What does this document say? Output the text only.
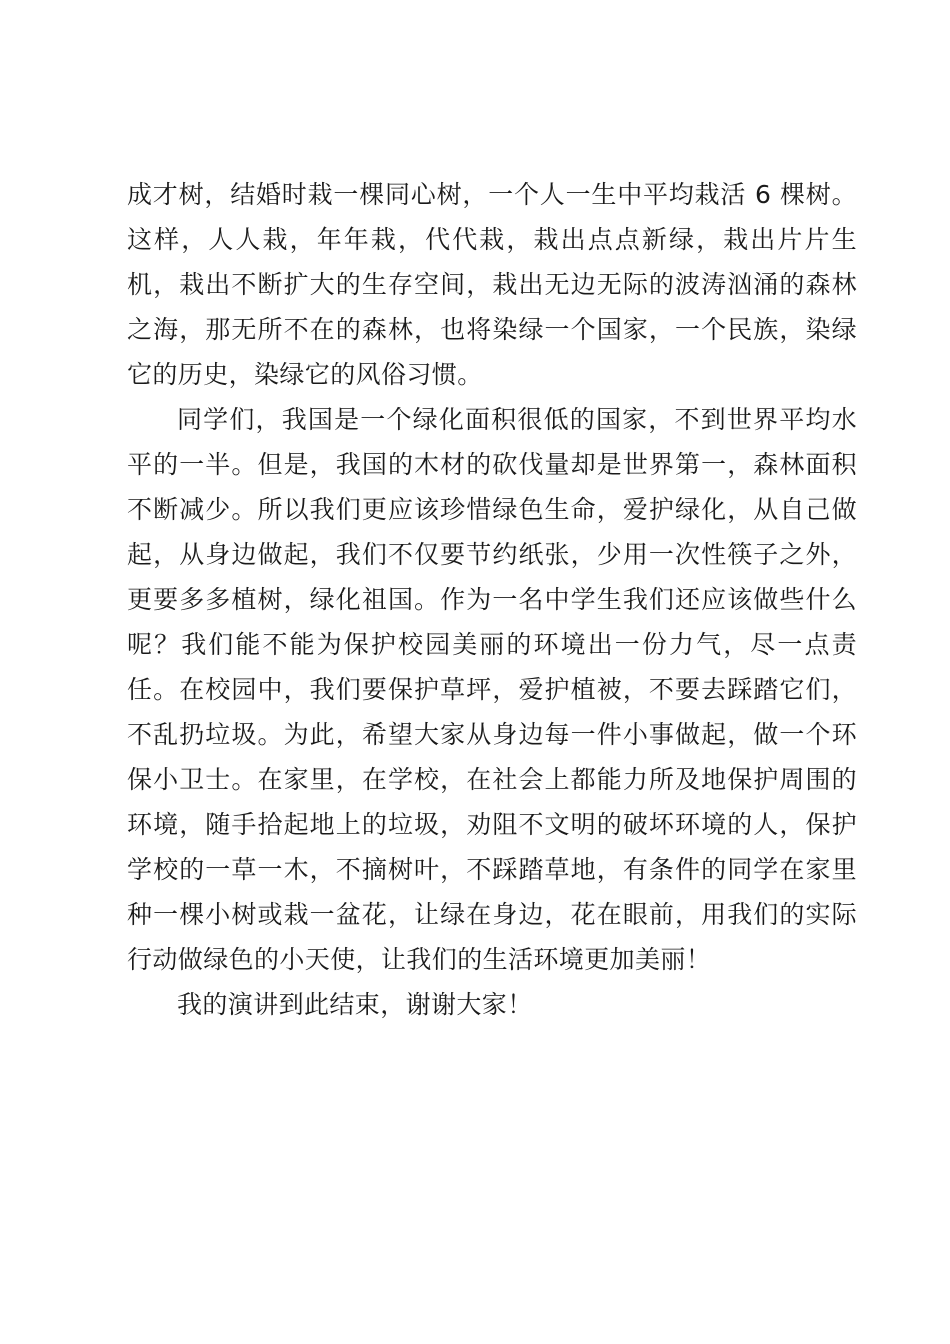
成才树，结婚时栽一棵同心树，一个人一生中平均栽活 6 棵树。这样，人人栽，年年栽，代代栽，栽出点点新绿，栽出片片生机，栽出不断扩大的生存空间，栽出无边无际的波涛汹涌的森林之海，那无所不在的森林，也将染绿一个国家，一个民族，染绿它的历史，染绿它的风俗习惯。

同学们，我国是一个绿化面积很低的国家，不到世界平均水平的一半。但是，我国的木材的砍伐量却是世界第一，森林面积不断减少。所以我们更应该珍惜绿色生命，爱护绿化，从自己做起，从身边做起，我们不仅要节约纸张，少用一次性筷子之外，更要多多植树，绿化祖国。作为一名中学生我们还应该做些什么呢？我们能不能为保护校园美丽的环境出一份力气，尽一点责任。在校园中，我们要保护草坪，爱护植被，不要去踩踏它们，不乱扔垃圾。为此，希望大家从身边每一件小事做起，做一个环保小卫士。在家里，在学校，在社会上都能力所及地保护周围的环境，随手拾起地上的垃圾，劝阻不文明的破坏环境的人，保护学校的一草一木，不摘树叶，不踩踏草地，有条件的同学在家里种一棵小树或栽一盆花，让绿在身边，花在眼前，用我们的实际行动做绿色的小天使，让我们的生活环境更加美丽！

我的演讲到此结束，谢谢大家！
